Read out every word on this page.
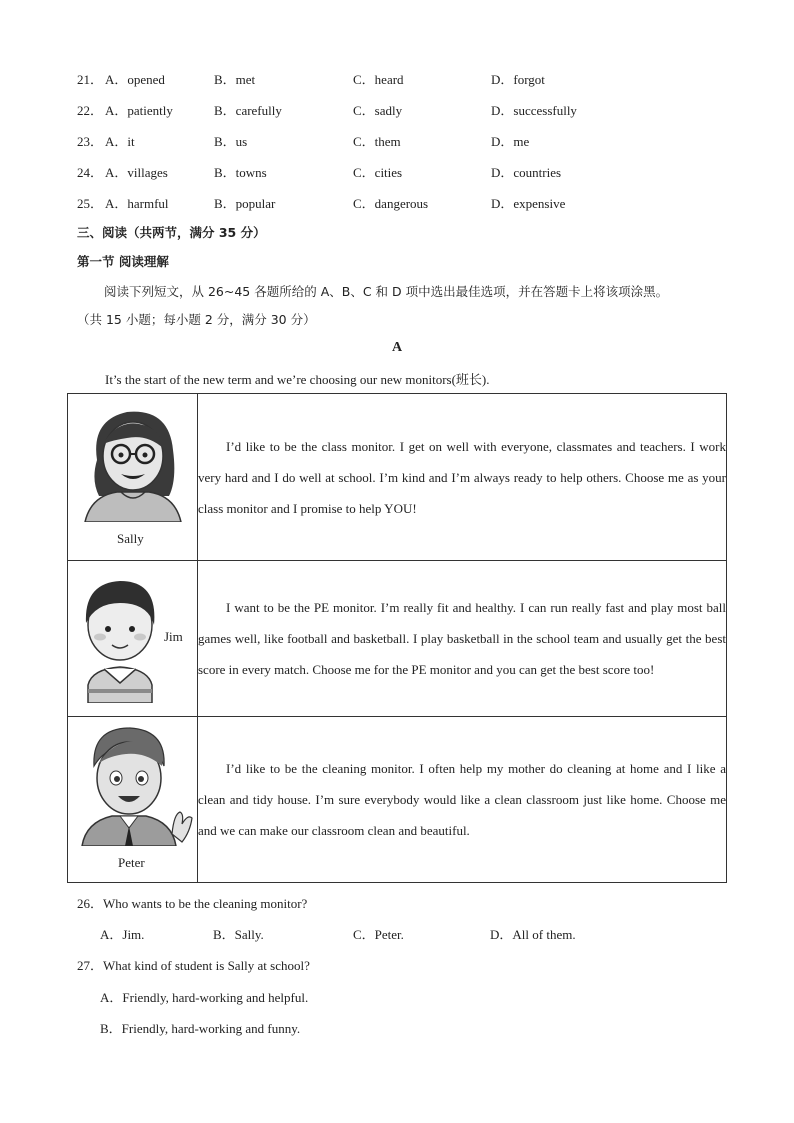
21． A．opened	B．met	C．heard	D．forgot
22． A．patiently	B．carefully	C．sadly	D．successfully
23． A．it	B．us	C．them	D．me
24． A．villages	B．towns	C．cities	D．countries
25． A．harmful	B．popular	C．dangerous	D．expensive
三、阅读（共两节，满分 35 分）
第一节 阅读理解
阅读下列短文，从 26~45 各题所给的 A、B、C 和 D 项中选出最佳选项，并在答题卡上将该项涂黑。
（共 15 小题；每小题 2 分，满分 30 分）
A
It’s the start of the new term and we’re choosing our new monitors(班长).
Sally	I’d like to be the class monitor. I get on well with everyone, classmates and teachers. I work very hard and I do well at school. I’m kind and I’m always ready to help others. Choose me as your class monitor and I promise to help YOU!

Jim	I want to be the PE monitor. I’m really fit and healthy. I can run really fast and play most ball games well, like football and basketball. I play basketball in the school team and usually get the best score in every match. Choose me for the PE monitor and you can get the best score too!

Peter	I’d like to be the cleaning monitor. I often help my mother do cleaning at home and I like a clean and tidy house. I’m sure everybody would like a clean classroom just like home. Choose me and we can make our classroom clean and beautiful.

26．Who wants to be the cleaning monitor?
A．Jim.	B．Sally.	C．Peter.	D．All of them.
27．What kind of student is Sally at school?
A．Friendly, hard-working and helpful.
B．Friendly, hard-working and funny.
